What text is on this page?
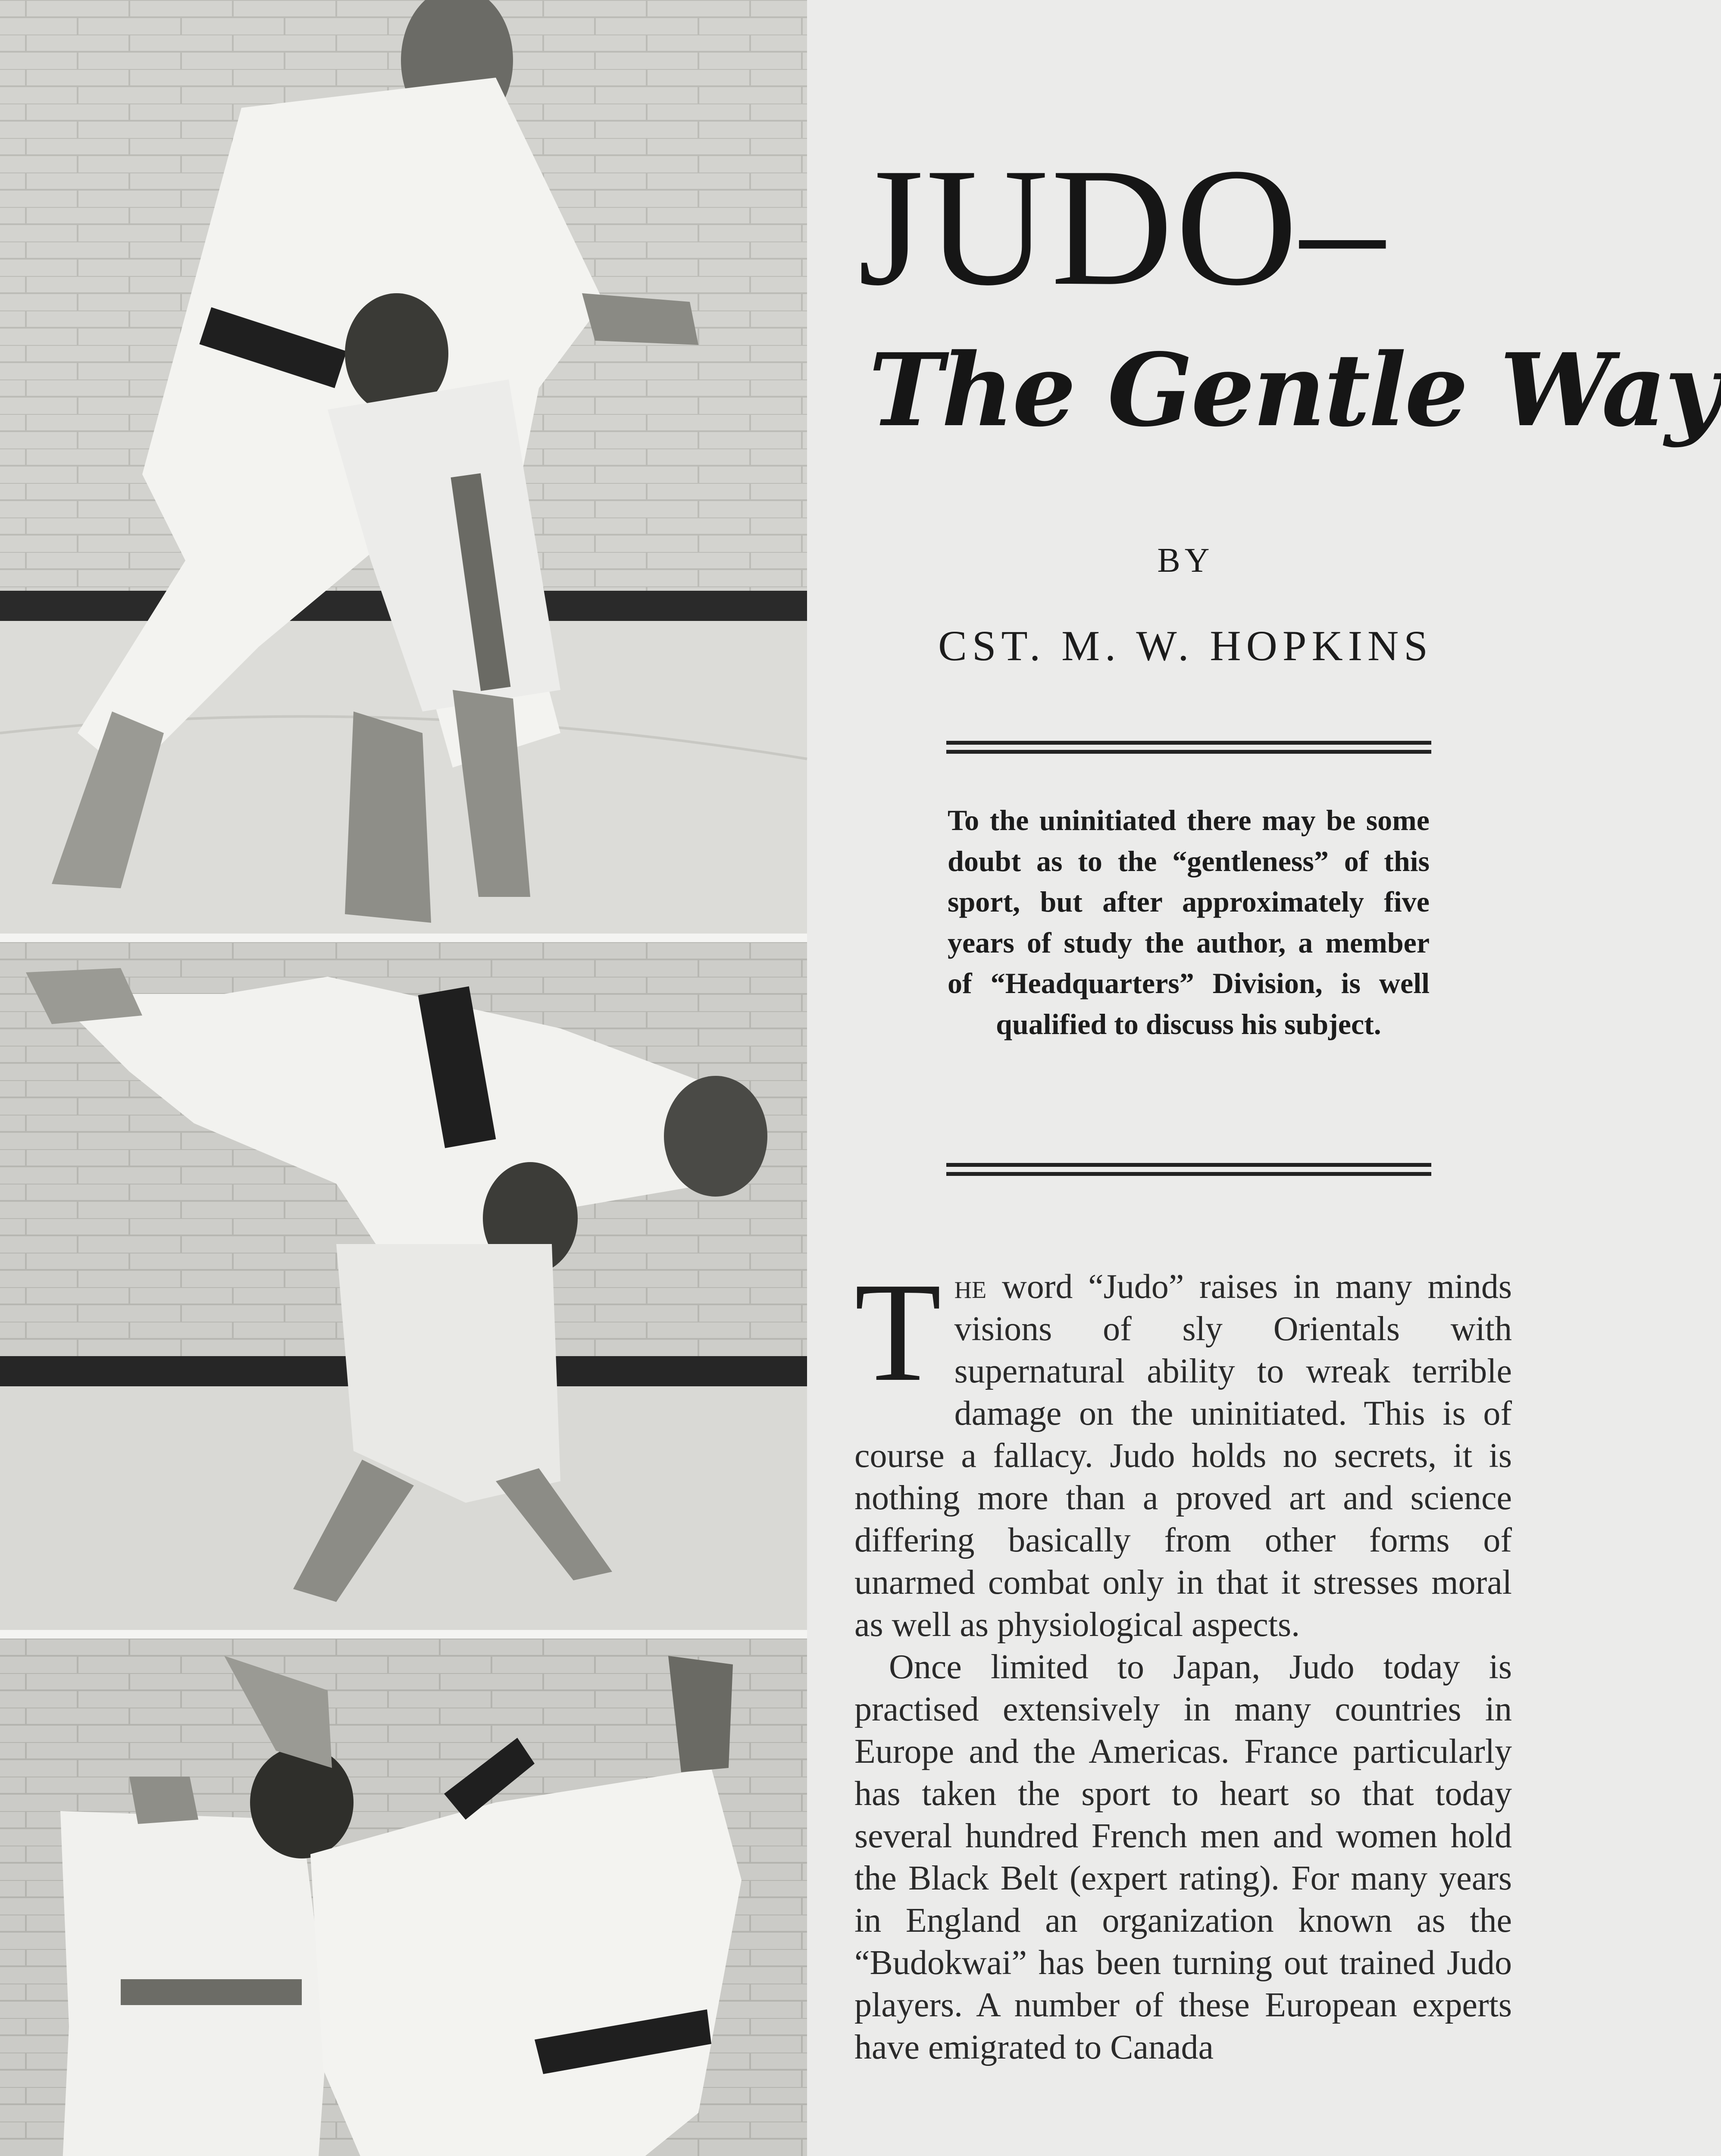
JUDO–
The Gentle Way
BY
CST. M. W. HOPKINS

To the uninitiated there may be some doubt as to the “gentleness” of this sport, but after approximately five years of study the author, a member of “Headquarters” Division, is well qualified to discuss his subject.

The word “Judo” raises in many minds visions of sly Orientals with supernatural ability to wreak terrible damage on the uninitiated. This is of course a fallacy. Judo holds no secrets, it is nothing more than a proved art and science differing basically from other forms of unarmed combat only in that it stresses moral as well as physiological aspects.

Once limited to Japan, Judo today is practised extensively in many countries in Europe and the Americas. France particularly has taken the sport to heart so that today several hundred French men and women hold the Black Belt (expert rating). For many years in England an organization known as the “Budokwai” has been turning out trained Judo players. A number of these European experts have emigrated to Canada
